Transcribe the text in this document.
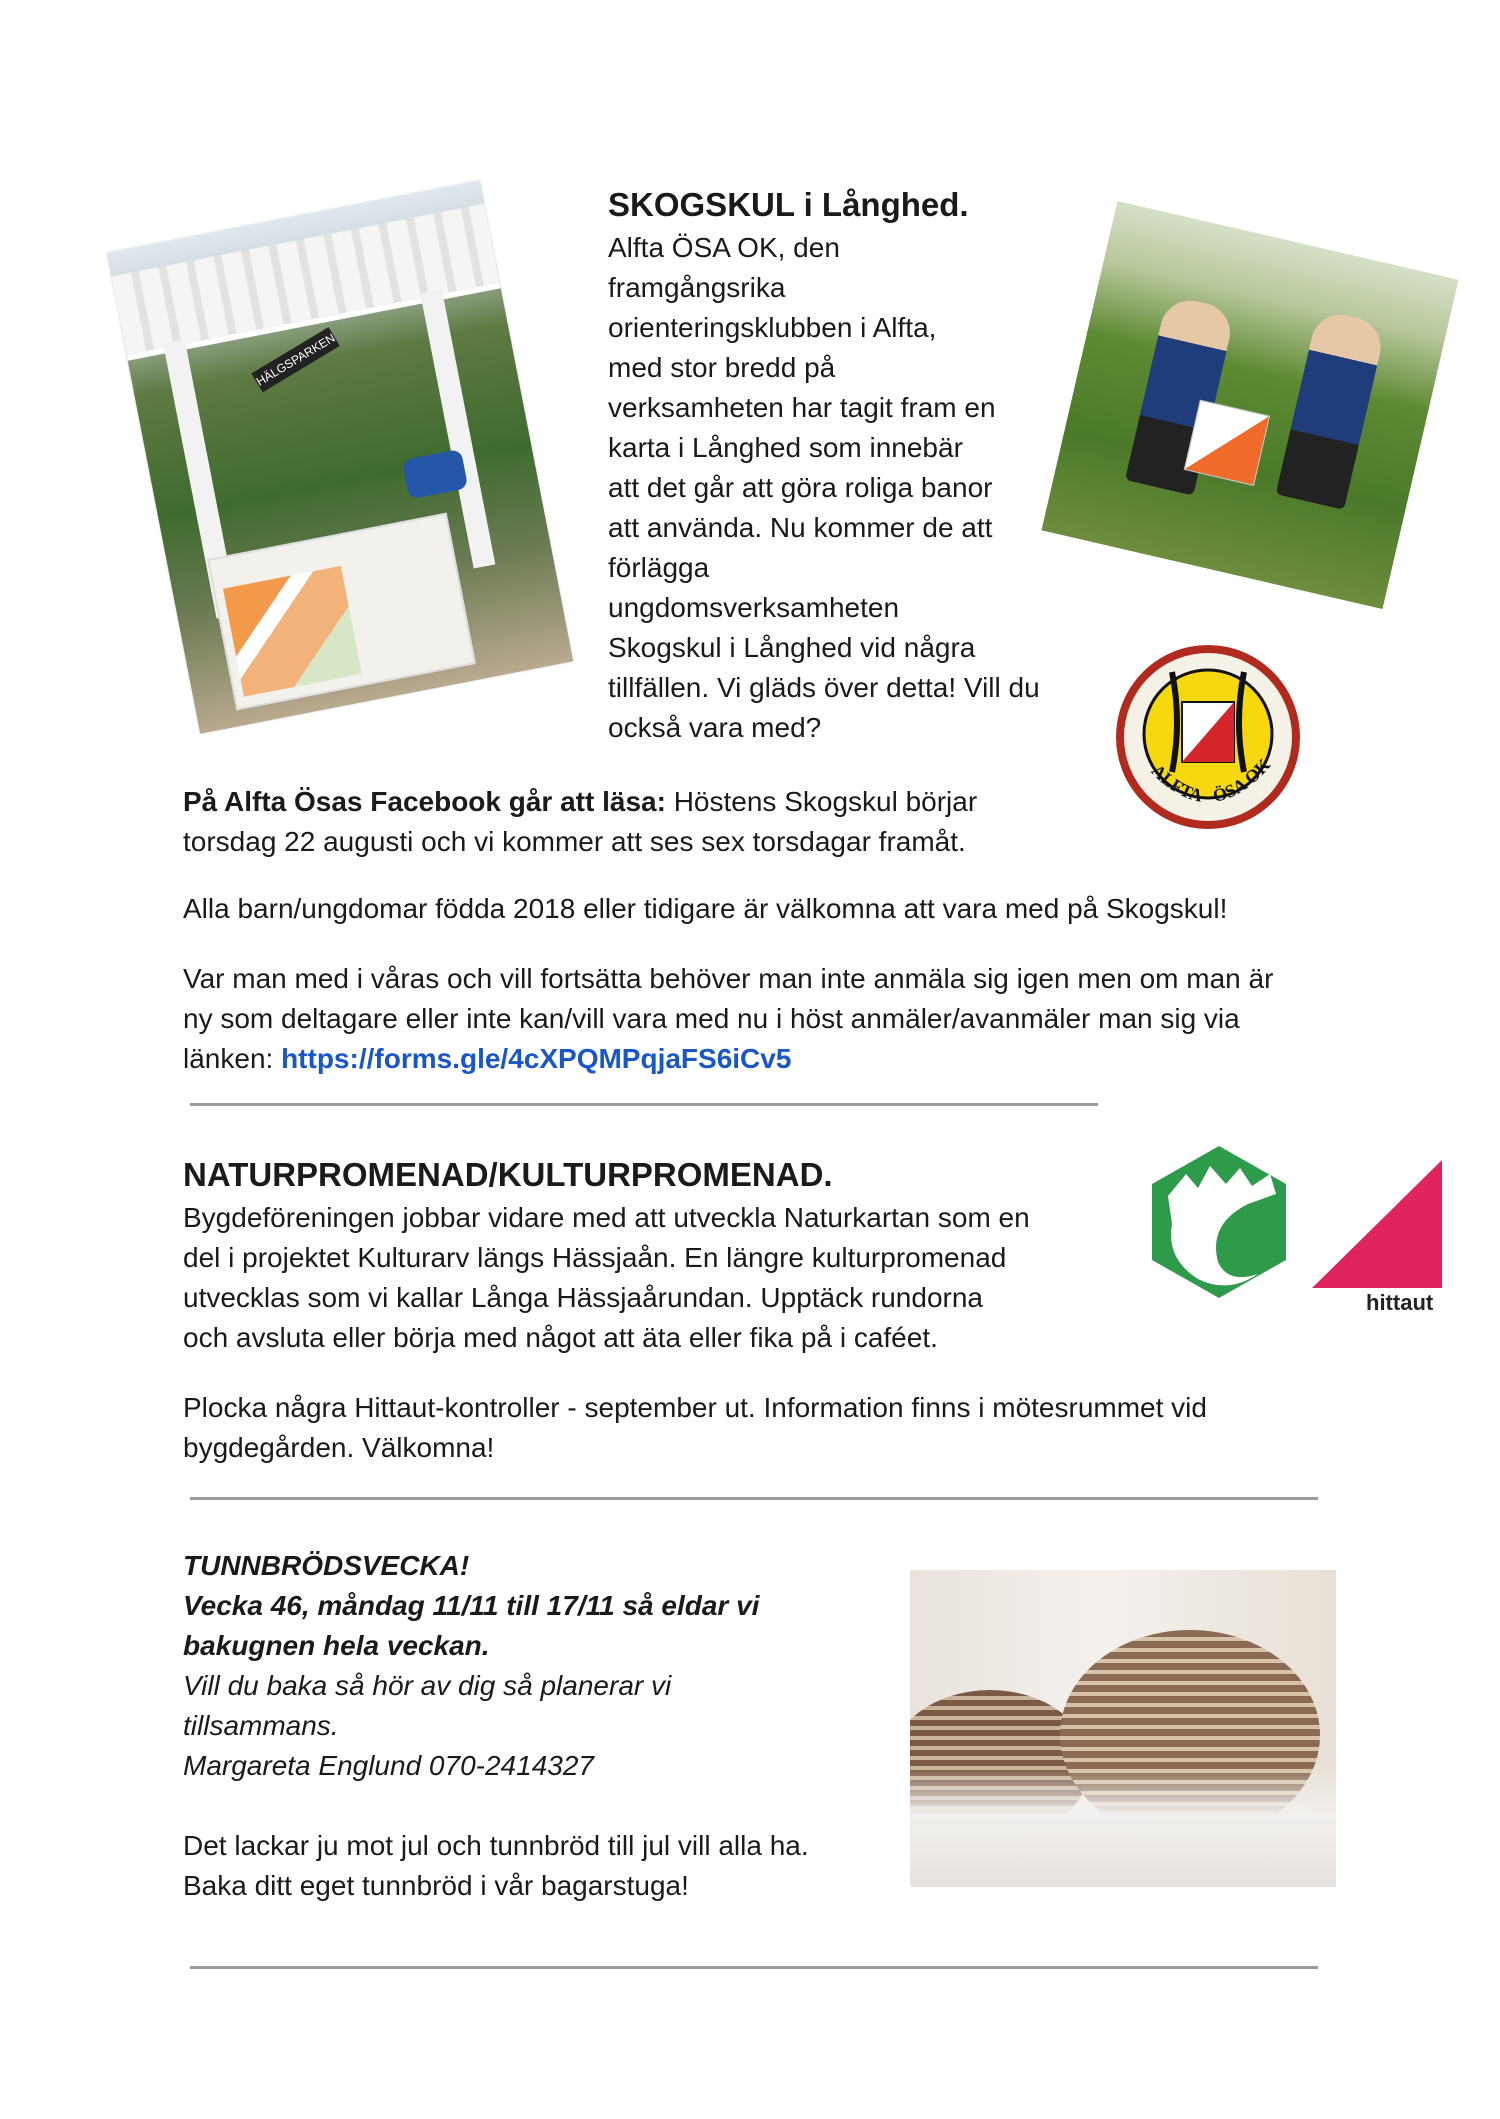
HÄLGSPARKEN
SKOGSKUL i Långhed.
Alfta ÖSA OK, den
framgångsrika
orienteringsklubben i Alfta,
med stor bredd på
verksamheten har tagit fram en
karta i Långhed som innebär
att det går att göra roliga banor
att använda. Nu kommer de att
förlägga
ungdomsverksamheten
Skogskul i Långhed vid några
tillfällen. Vi gläds över detta! Vill du
också vara med?
ALFTA - ÖSA OK
På Alfta Ösas Facebook går att läsa: Höstens Skogskul börjar
torsdag 22 augusti och vi kommer att ses sex torsdagar framåt.
Alla barn/ungdomar födda 2018 eller tidigare är välkomna att vara med på Skogskul!
Var man med i våras och vill fortsätta behöver man inte anmäla sig igen men om man är
ny som deltagare eller inte kan/vill vara med nu i höst anmäler/avanmäler man sig via
länken: https://forms.gle/4cXPQMPqjaFS6iCv5
NATURPROMENAD/KULTURPROMENAD.
Bygdeföreningen jobbar vidare med att utveckla Naturkartan som en
del i projektet Kulturarv längs Hässjaån. En längre kulturpromenad
utvecklas som vi kallar Långa Hässjaårundan. Upptäck rundorna
och avsluta eller börja med något att äta eller fika på i caféet.
hittaut
Plocka några Hittaut-kontroller - september ut. Information finns i mötesrummet vid
bygdegården. Välkomna!
TUNNBRÖDSVECKA!
Vecka 46, måndag 11/11 till 17/11 så eldar vi
bakugnen hela veckan.
Vill du baka så hör av dig så planerar vi
tillsammans.
Margareta Englund 070-2414327
Det lackar ju mot jul och tunnbröd till jul vill alla ha.
Baka ditt eget tunnbröd i vår bagarstuga!
